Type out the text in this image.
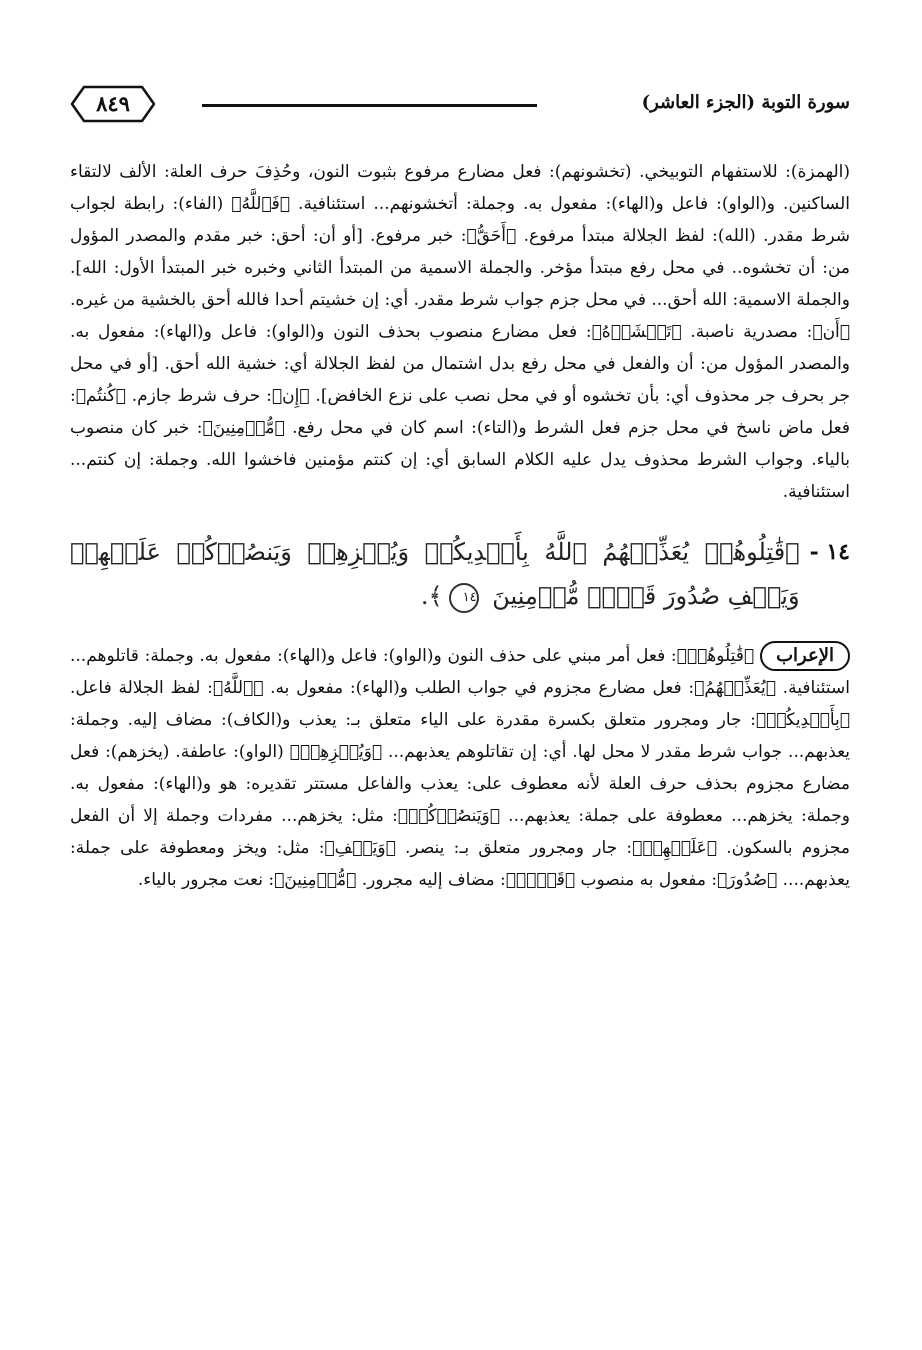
سورة التوبة (الجزء العاشر)
٨٤٩

(الهمزة): للاستفهام التوبيخي. (تخشونهم): فعل مضارع مرفوع بثبوت النون، وحُذِفَ حرف العلة: الألف لالتقاء الساكنين. و(الواو): فاعل و(الهاء): مفعول به. وجملة: أتخشونهم... استئنافية. ﴿فَٱللَّهُ﴾ (الفاء): رابطة لجواب شرط مقدر. (الله): لفظ الجلالة مبتدأ مرفوع. ﴿أَحَقُّ﴾: خبر مرفوع. [أو أن: أحق: خبر مقدم والمصدر المؤول من: أن تخشوه.. في محل رفع مبتدأ مؤخر. والجملة الاسمية من المبتدأ الثاني وخبره خبر المبتدأ الأول: الله]. والجملة الاسمية: الله أحق... في محل جزم جواب شرط مقدر. أي: إن خشيتم أحدا فالله أحق بالخشية من غيره. ﴿أَن﴾: مصدرية ناصبة. ﴿تَخۡشَوۡهُ﴾: فعل مضارع منصوب بحذف النون و(الواو): فاعل و(الهاء): مفعول به. والمصدر المؤول من: أن والفعل في محل رفع بدل اشتمال من لفظ الجلالة أي: خشية الله أحق. [أو في محل جر بحرف جر محذوف أي: بأن تخشوه أو في محل نصب على نزع الخافض]. ﴿إِن﴾: حرف شرط جازم. ﴿كُنتُم﴾: فعل ماض ناسخ في محل جزم فعل الشرط و(التاء): اسم كان في محل رفع. ﴿مُّؤۡمِنِينَ﴾: خبر كان منصوب بالياء. وجواب الشرط محذوف يدل عليه الكلام السابق أي: إن كنتم مؤمنين فاخشوا الله. وجملة: إن كنتم... استئنافية.

١٤ -
﴿قَٰتِلُوهُمۡ يُعَذِّبۡهُمُ ٱللَّهُ بِأَيۡدِيكُمۡ وَيُخۡزِهِمۡ وَيَنصُرۡكُمۡ عَلَيۡهِمۡ وَيَشۡفِ صُدُورَ قَوۡمٖ مُّؤۡمِنِينَ ١٤﴾.

الإعراب﴿قَٰتِلُوهُمۡ﴾: فعل أمر مبني على حذف النون و(الواو): فاعل و(الهاء): مفعول به. وجملة: قاتلوهم... استئنافية. ﴿يُعَذِّبۡهُمُ﴾: فعل مضارع مجزوم في جواب الطلب و(الهاء): مفعول به. ﴿ٱللَّهُ﴾: لفظ الجلالة فاعل. ﴿بِأَيۡدِيكُمۡ﴾: جار ومجرور متعلق بكسرة مقدرة على الياء متعلق بـ: يعذب و(الكاف): مضاف إليه. وجملة: يعذبهم... جواب شرط مقدر لا محل لها. أي: إن تقاتلوهم يعذبهم... ﴿وَيُخۡزِهِمۡ﴾ (الواو): عاطفة. (يخزهم): فعل مضارع مجزوم بحذف حرف العلة لأنه معطوف على: يعذب والفاعل مستتر تقديره: هو و(الهاء): مفعول به. وجملة: يخزهم... معطوفة على جملة: يعذبهم... ﴿وَيَنصُرۡكُمۡ﴾: مثل: يخزهم... مفردات وجملة إلا أن الفعل مجزوم بالسكون. ﴿عَلَيۡهِمۡ﴾: جار ومجرور متعلق بـ: ينصر. ﴿وَيَشۡفِ﴾: مثل: ويخز ومعطوفة على جملة: يعذبهم.... ﴿صُدُورَ﴾: مفعول به منصوب ﴿قَوۡمٖ﴾: مضاف إليه مجرور. ﴿مُّؤۡمِنِينَ﴾: نعت مجرور بالياء.
